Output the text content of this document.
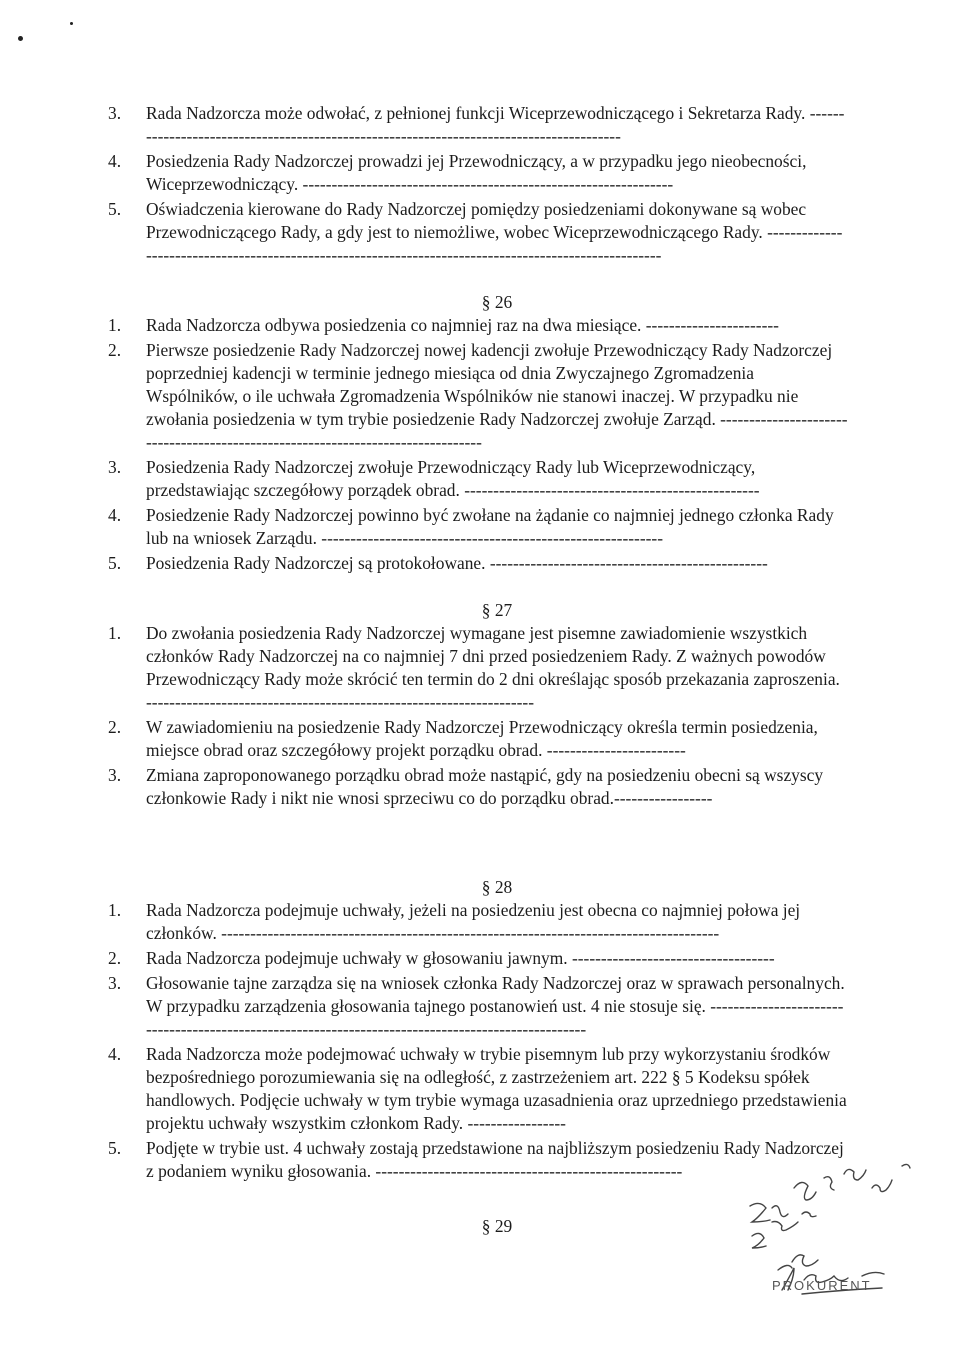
3. Rada Nadzorcza może odwołać, z pełnionej funkcji Wiceprzewodniczącego i Sekretarza Rady. ----------------------------------------------------------------------------------------
4. Posiedzenia Rady Nadzorczej prowadzi jej Przewodniczący, a w przypadku jego nieobecności, Wiceprzewodniczący. ----------------------------------------------------------------
5. Oświadczenia kierowane do Rady Nadzorczej pomiędzy posiedzeniami dokonywane są wobec Przewodniczącego Rady, a gdy jest to niemożliwe, wobec Wiceprzewodniczącego Rady. ------------------------------------------------------------------------------------------------------
§ 26
1. Rada Nadzorcza odbywa posiedzenia co najmniej raz na dwa miesiące. -----------------------
2. Pierwsze posiedzenie Rady Nadzorczej nowej kadencji zwołuje Przewodniczący Rady Nadzorczej poprzedniej kadencji w terminie jednego miesiąca od dnia Zwyczajnego Zgromadzenia Wspólników, o ile uchwała Zgromadzenia Wspólników nie stanowi inaczej. W przypadku nie zwołania posiedzenia w tym trybie posiedzenie Rady Nadzorczej zwołuje Zarząd. --------------------------------------------------------------------------------
3. Posiedzenia Rady Nadzorczej zwołuje Przewodniczący Rady lub Wiceprzewodniczący, przedstawiając szczegółowy porządek obrad. ---------------------------------------------------
4. Posiedzenie Rady Nadzorczej powinno być zwołane na żądanie co najmniej jednego członka Rady lub na wniosek Zarządu. -----------------------------------------------------------
5. Posiedzenia Rady Nadzorczej są protokołowane. ------------------------------------------------
§ 27
1. Do zwołania posiedzenia Rady Nadzorczej wymagane jest pisemne zawiadomienie wszystkich członków Rady Nadzorczej na co najmniej 7 dni przed posiedzeniem Rady. Z ważnych powodów Przewodniczący Rady może skrócić ten termin do 2 dni określając sposób przekazania zaproszenia. -------------------------------------------------------------------
2. W zawiadomieniu na posiedzenie Rady Nadzorczej Przewodniczący określa termin posiedzenia, miejsce obrad oraz szczegółowy projekt porządku obrad. ------------------------
3. Zmiana zaproponowanego porządku obrad może nastąpić, gdy na posiedzeniu obecni są wszyscy członkowie Rady i nikt nie wnosi sprzeciwu co do porządku obrad.-----------------
§ 28
1. Rada Nadzorcza podejmuje uchwały, jeżeli na posiedzeniu jest obecna co najmniej połowa jej członków. --------------------------------------------------------------------------------------
2. Rada Nadzorcza podejmuje uchwały w głosowaniu jawnym. -----------------------------------
3. Głosowanie tajne zarządza się na wniosek członka Rady Nadzorczej oraz w sprawach personalnych. W przypadku zarządzenia głosowania tajnego postanowień ust. 4 nie stosuje się. ---------------------------------------------------------------------------------------------------
4. Rada Nadzorcza może podejmować uchwały w trybie pisemnym lub przy wykorzystaniu środków bezpośredniego porozumiewania się na odległość, z zastrzeżeniem art. 222 § 5 Kodeksu spółek handlowych. Podjęcie uchwały w tym trybie wymaga uzasadnienia oraz uprzedniego przedstawienia projektu uchwały wszystkim członkom Rady. -----------------
5. Podjęte w trybie ust. 4 uchwały zostają przedstawione na najbliższym posiedzeniu Rady Nadzorczej z podaniem wyniku głosowania. -----------------------------------------------------
§ 29
PROKURENT
